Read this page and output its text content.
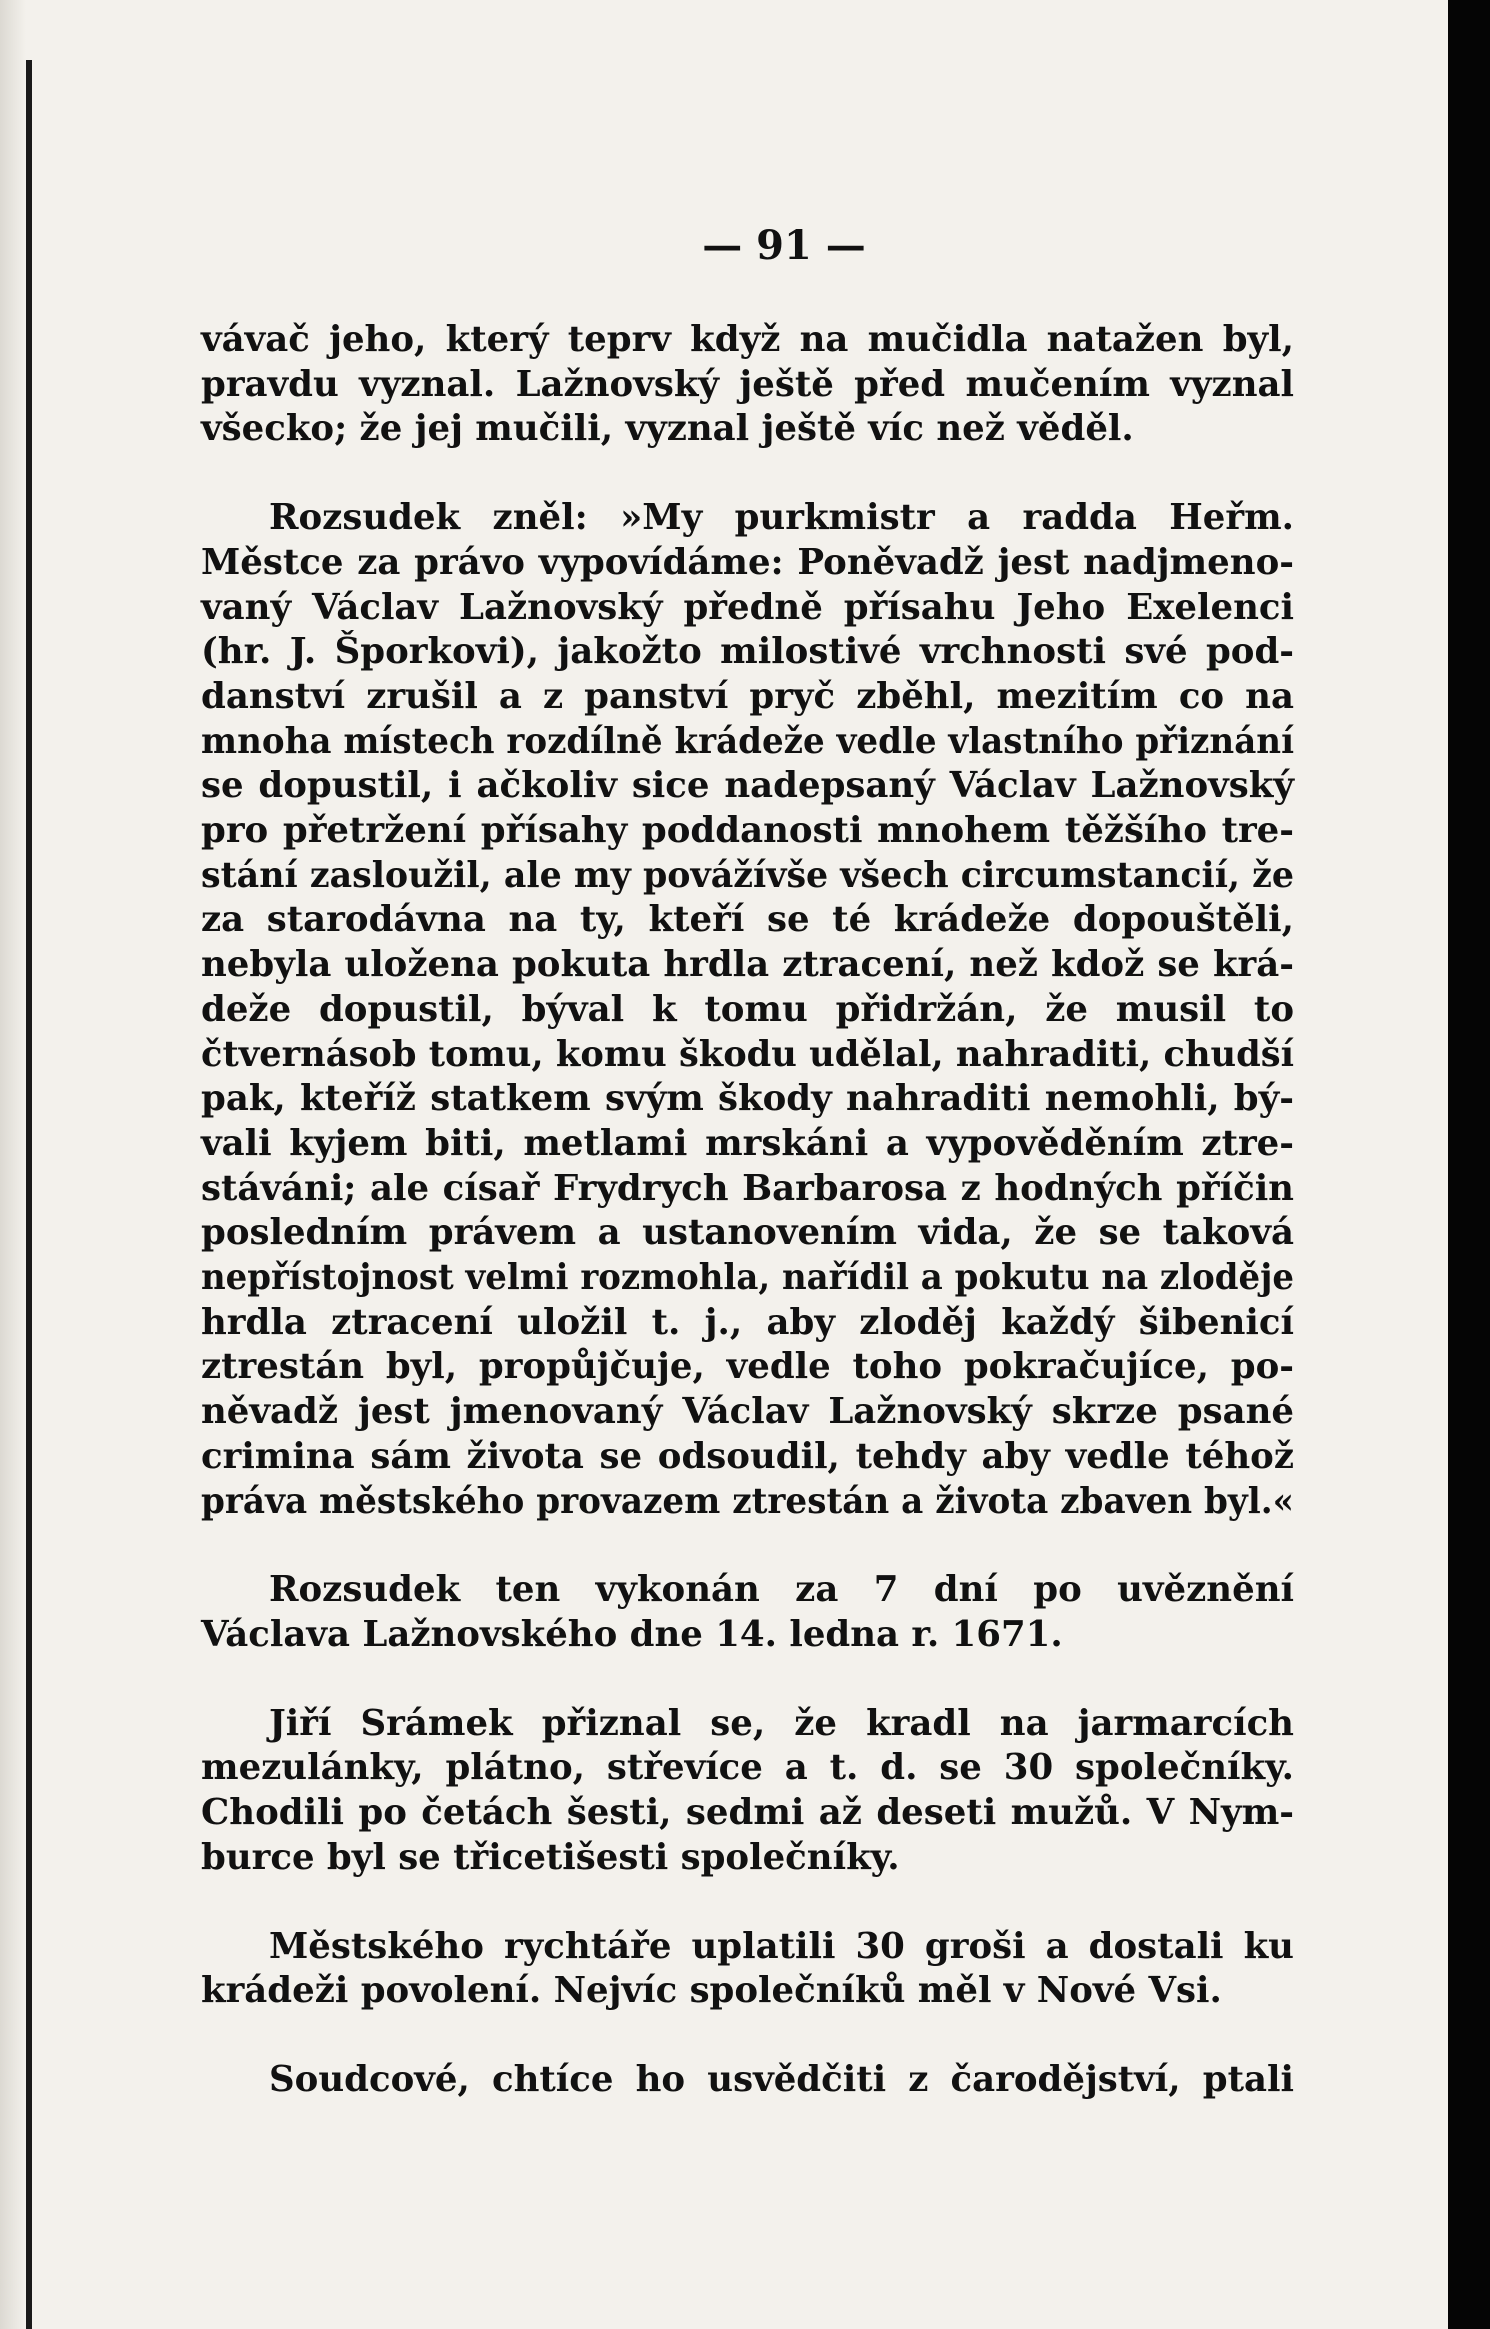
— 91 —

vávač jeho, který teprv když na mučidla natažen byl,
pravdu vyznal. Lažnovský ještě před mučením vyznal
všecko; že jej mučili, vyznal ještě víc než věděl.

Rozsudek zněl: »My purkmistr a radda Heřm.
Městce za právo vypovídáme: Poněvadž jest nadjmeno-
vaný Václav Lažnovský předně přísahu Jeho Exelenci
(hr. J. Šporkovi), jakožto milostivé vrchnosti své pod-
danství zrušil a z panství pryč zběhl, mezitím co na
mnoha místech rozdílně krádeže vedle vlastního přiznání
se dopustil, i ačkoliv sice nadepsaný Václav Lažnovský
pro přetržení přísahy poddanosti mnohem těžšího tre-
stání zasloužil, ale my povážívše všech circumstancií, že
za starodávna na ty, kteří se té krádeže dopouštěli,
nebyla uložena pokuta hrdla ztracení, než kdož se krá-
deže dopustil, býval k tomu přidržán, že musil to
čtvernásob tomu, komu škodu udělal, nahraditi, chudší
pak, kteříž statkem svým škody nahraditi nemohli, bý-
vali kyjem biti, metlami mrskáni a vypověděním ztre-
stáváni; ale císař Frydrych Barbarosa z hodných příčin
posledním právem a ustanovením vida, že se taková
nepřístojnost velmi rozmohla, nařídil a pokutu na zloděje
hrdla ztracení uložil t. j., aby zloděj každý šibenicí
ztrestán byl, propůjčuje, vedle toho pokračujíce, po-
něvadž jest jmenovaný Václav Lažnovský skrze psané
crimina sám života se odsoudil, tehdy aby vedle téhož
práva městského provazem ztrestán a života zbaven byl.«

Rozsudek ten vykonán za 7 dní po uvěznění
Václava Lažnovského dne 14. ledna r. 1671.

Jiří Srámek přiznal se, že kradl na jarmarcích
mezulánky, plátno, střevíce a t. d. se 30 společníky.
Chodili po četách šesti, sedmi až deseti mužů. V Nym-
burce byl se třicetišesti společníky.

Městského rychtáře uplatili 30 groši a dostali ku
krádeži povolení. Nejvíc společníků měl v Nové Vsi.

Soudcové, chtíce ho usvědčiti z čarodějství, ptali
